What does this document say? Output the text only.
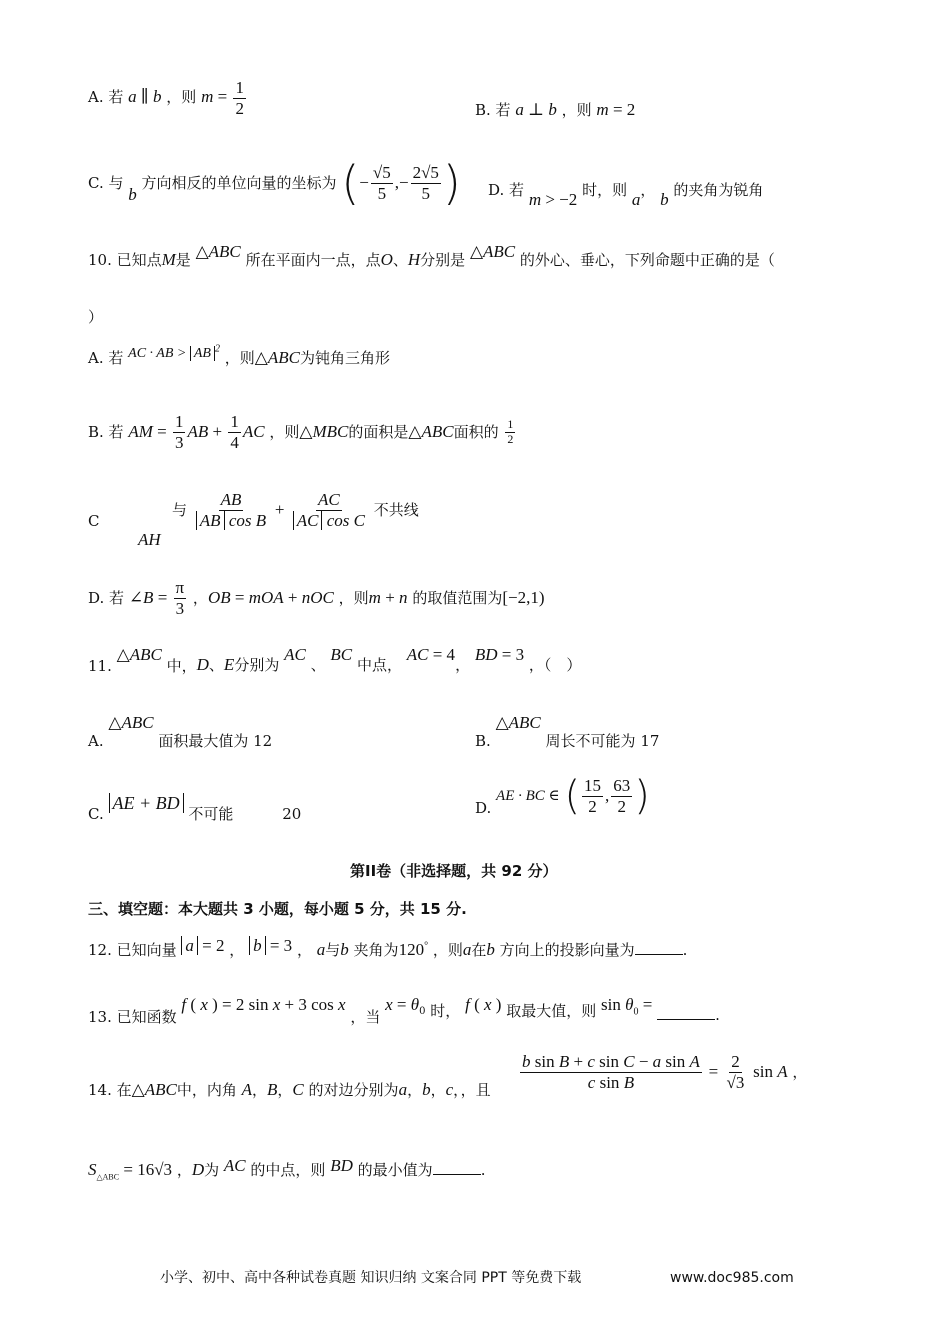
A. 若 a ∥ b ，则 $m = \frac{1}{2}$	B. 若 a ⊥ b ，则 m = 2
C. 与 b 方向相反的单位向量的坐标为 (− $\frac{√5}{5}$ ,− $\frac{2√5}{5}$ ) D. 若 m > −2 时，则 a， b 的夹角为锐角
10. 已知点M是 △ABC 所在平面内一点，点O、H分别是 △ABC 的外心、垂心，下列命题中正确的是（
）
A. 若 AC · AB > AB $^2$ ，则△ABC为钝角三角形
B. 若 AM = $\frac{1}{3}$ AB + $\frac{1}{4}$ AC ，则△MBC的面积是△ABC面积的 $\frac{1}{2}$
C
AH
与 $\frac{AB}{\text{AB cos B}} + \frac{AC}{\text{AC cos C}}$ 不共线
D. 若 ∠B = $\frac{\pi}{3}$ ，OB = mOA + nOC ，则m + n 的取值范围为[−2,1)
11. △ABC 中，D、E分别为 AC 、 BC 中点， AC = 4， BD = 3 ，（　）
A. △ABC 面积最大值为 12	B. △ABC 周长不可能为 17
C. AE + BD 不可能	20	D. AE · BC ∈ ( $\frac{15}{2}$ , $\frac{63}{2}$ )
第II卷（非选择题，共 92 分）
三、填空题：本大题共 3 小题，每小题 5 分，共 15 分.
12. 已知向量 a = 2 ， b = 3 ， a与b 夹角为120° ，则a在b 方向上的投影向量为	.
13. 已知函数 f ( x ) = 2 sin x + 3 cos x ，当 $x = \theta_0$ 时， f ( x ) 取最大值，则 $\sin \theta_0$ = .
14. 在△ABC中，内角 A，B，C 的对边分别为a，b，c，，且 $\frac{\text{b sin B + c sin C − a sin A}}{\text{c sin B}} = \frac{2}{√3}$ sin A ，
$S_{\triangle ABC} = 16√3$ ，D为 AC 的中点，则 BD 的最小值为	.
小学、初中、高中各种试卷真题 知识归纳 文案合同 PPT 等免费下载	www.doc985.com
